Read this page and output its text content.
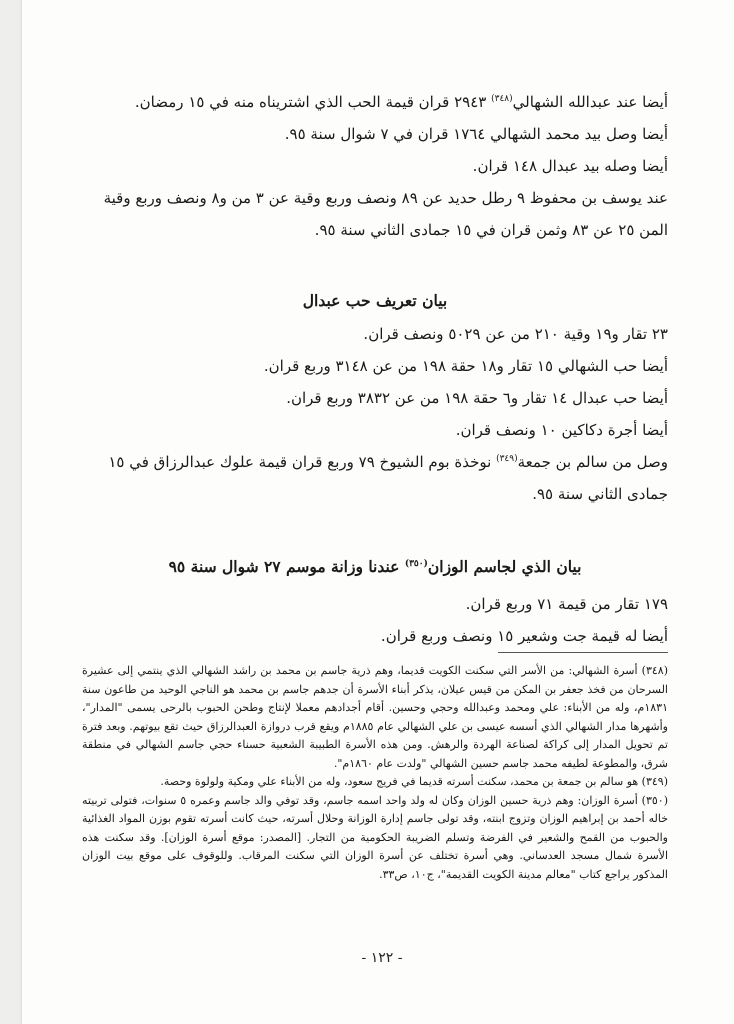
أيضا عند عبدالله الشهالي$^{(٣٤٨)}$ ٢٩٤٣ قران قيمة الحب الذي اشتريناه منه في ١٥ رمضان.

أيضا وصل بيد محمد الشهالي ١٧٦٤ قران في ٧ شوال سنة ٩٥.

أيضا وصله بيد عبدال ١٤٨ قران.

عند يوسف بن محفوظ ٩ رطل حديد عن ٨٩ ونصف وربع وقية عن ٣ من و٨ ونصف وربع وقية المن ٢٥ عن ٨٣ وثمن قران في ١٥ جمادى الثاني سنة ٩٥.

بيان تعريف حب عبدال

٢٣ تقار و١٩ وقية ٢١٠ من عن ٥٠٢٩ ونصف قران.

أيضا حب الشهالي ١٥ تقار و١٨ حقة ١٩٨ من عن ٣١٤٨ وربع قران.

أيضا حب عبدال ١٤ تقار و٦ حقة ١٩٨ من عن ٣٨٣٢ وربع قران.

أيضا أجرة دكاكين ١٠ ونصف قران.

وصل من سالم بن جمعة$^{(٣٤٩)}$ نوخذة بوم الشيوخ ٧٩ وربع قران قيمة علوك عبدالرزاق في ١٥ جمادى الثاني سنة ٩٥.

بيان الذي لجاسم الوزان$^{(٣٥٠)}$ عندنا وزانة موسم ٢٧ شوال سنة ٩٥

١٧٩ تقار من قيمة ٧١ وربع قران.

أيضا له قيمة جت وشعير ١٥ ونصف وربع قران.

(٣٤٨) أسرة الشهالي: من الأسر التي سكنت الكويت قديما، وهم ذرية جاسم بن محمد بن راشد الشهالي الذي ينتمي إلى عشيرة السرحان من فخذ جعفر بن المكن من قيس عيلان، يذكر أبناء الأسرة أن جدهم جاسم بن محمد هو الناجي الوحيد من طاعون سنة ١٨٣١م، وله من الأبناء: علي ومحمد وعبدالله وحجي وحسين. أقام أجدادهم معملا لإنتاج وطحن الحبوب بالرحى يسمى "المدار"، وأشهرها مدار الشهالي الذي أسسه عيسى بن علي الشهالي عام ١٨٨٥م ويقع قرب دروازة العبدالرزاق حيث تقع بيوتهم. وبعد فترة تم تحويل المدار إلى كراكة لصناعة الهردة والرهش. ومن هذه الأسرة الطبيبة الشعبية حسناء حجي جاسم الشهالي في منطقة شرق، والمطوعة لطيفه محمد جاسم حسين الشهالي "ولدت عام ١٨٦٠م".

(٣٤٩) هو سالم بن جمعة بن محمد، سكنت أسرته قديما في فريج سعود، وله من الأبناء علي ومكية ولولوة وحصة.

(٣٥٠) أسرة الوزان: وهم ذرية حسين الوزان وكان له ولد واحد اسمه جاسم، وقد توفي والد جاسم وعمره ٥ سنوات، فتولى تربيته خاله أحمد بن إبراهيم الوزان وتزوج ابنته، وقد تولى جاسم إدارة الوزانة وحلال أسرته، حيث كانت أسرته تقوم بوزن المواد الغذائية والحبوب من القمح والشعير في الفرضة وتسلم الضريبة الحكومية من التجار. [المصدر: موقع أسرة الوزان]. وقد سكنت هذه الأسرة شمال مسجد العدساني. وهي أسرة تختلف عن أسرة الوزان التي سكنت المرقاب. وللوقوف على موقع بيت الوزان المذكور يراجع كتاب "معالم مدينة الكويت القديمة"، ج١٠، ص٣٣.

- ١٢٢ -
